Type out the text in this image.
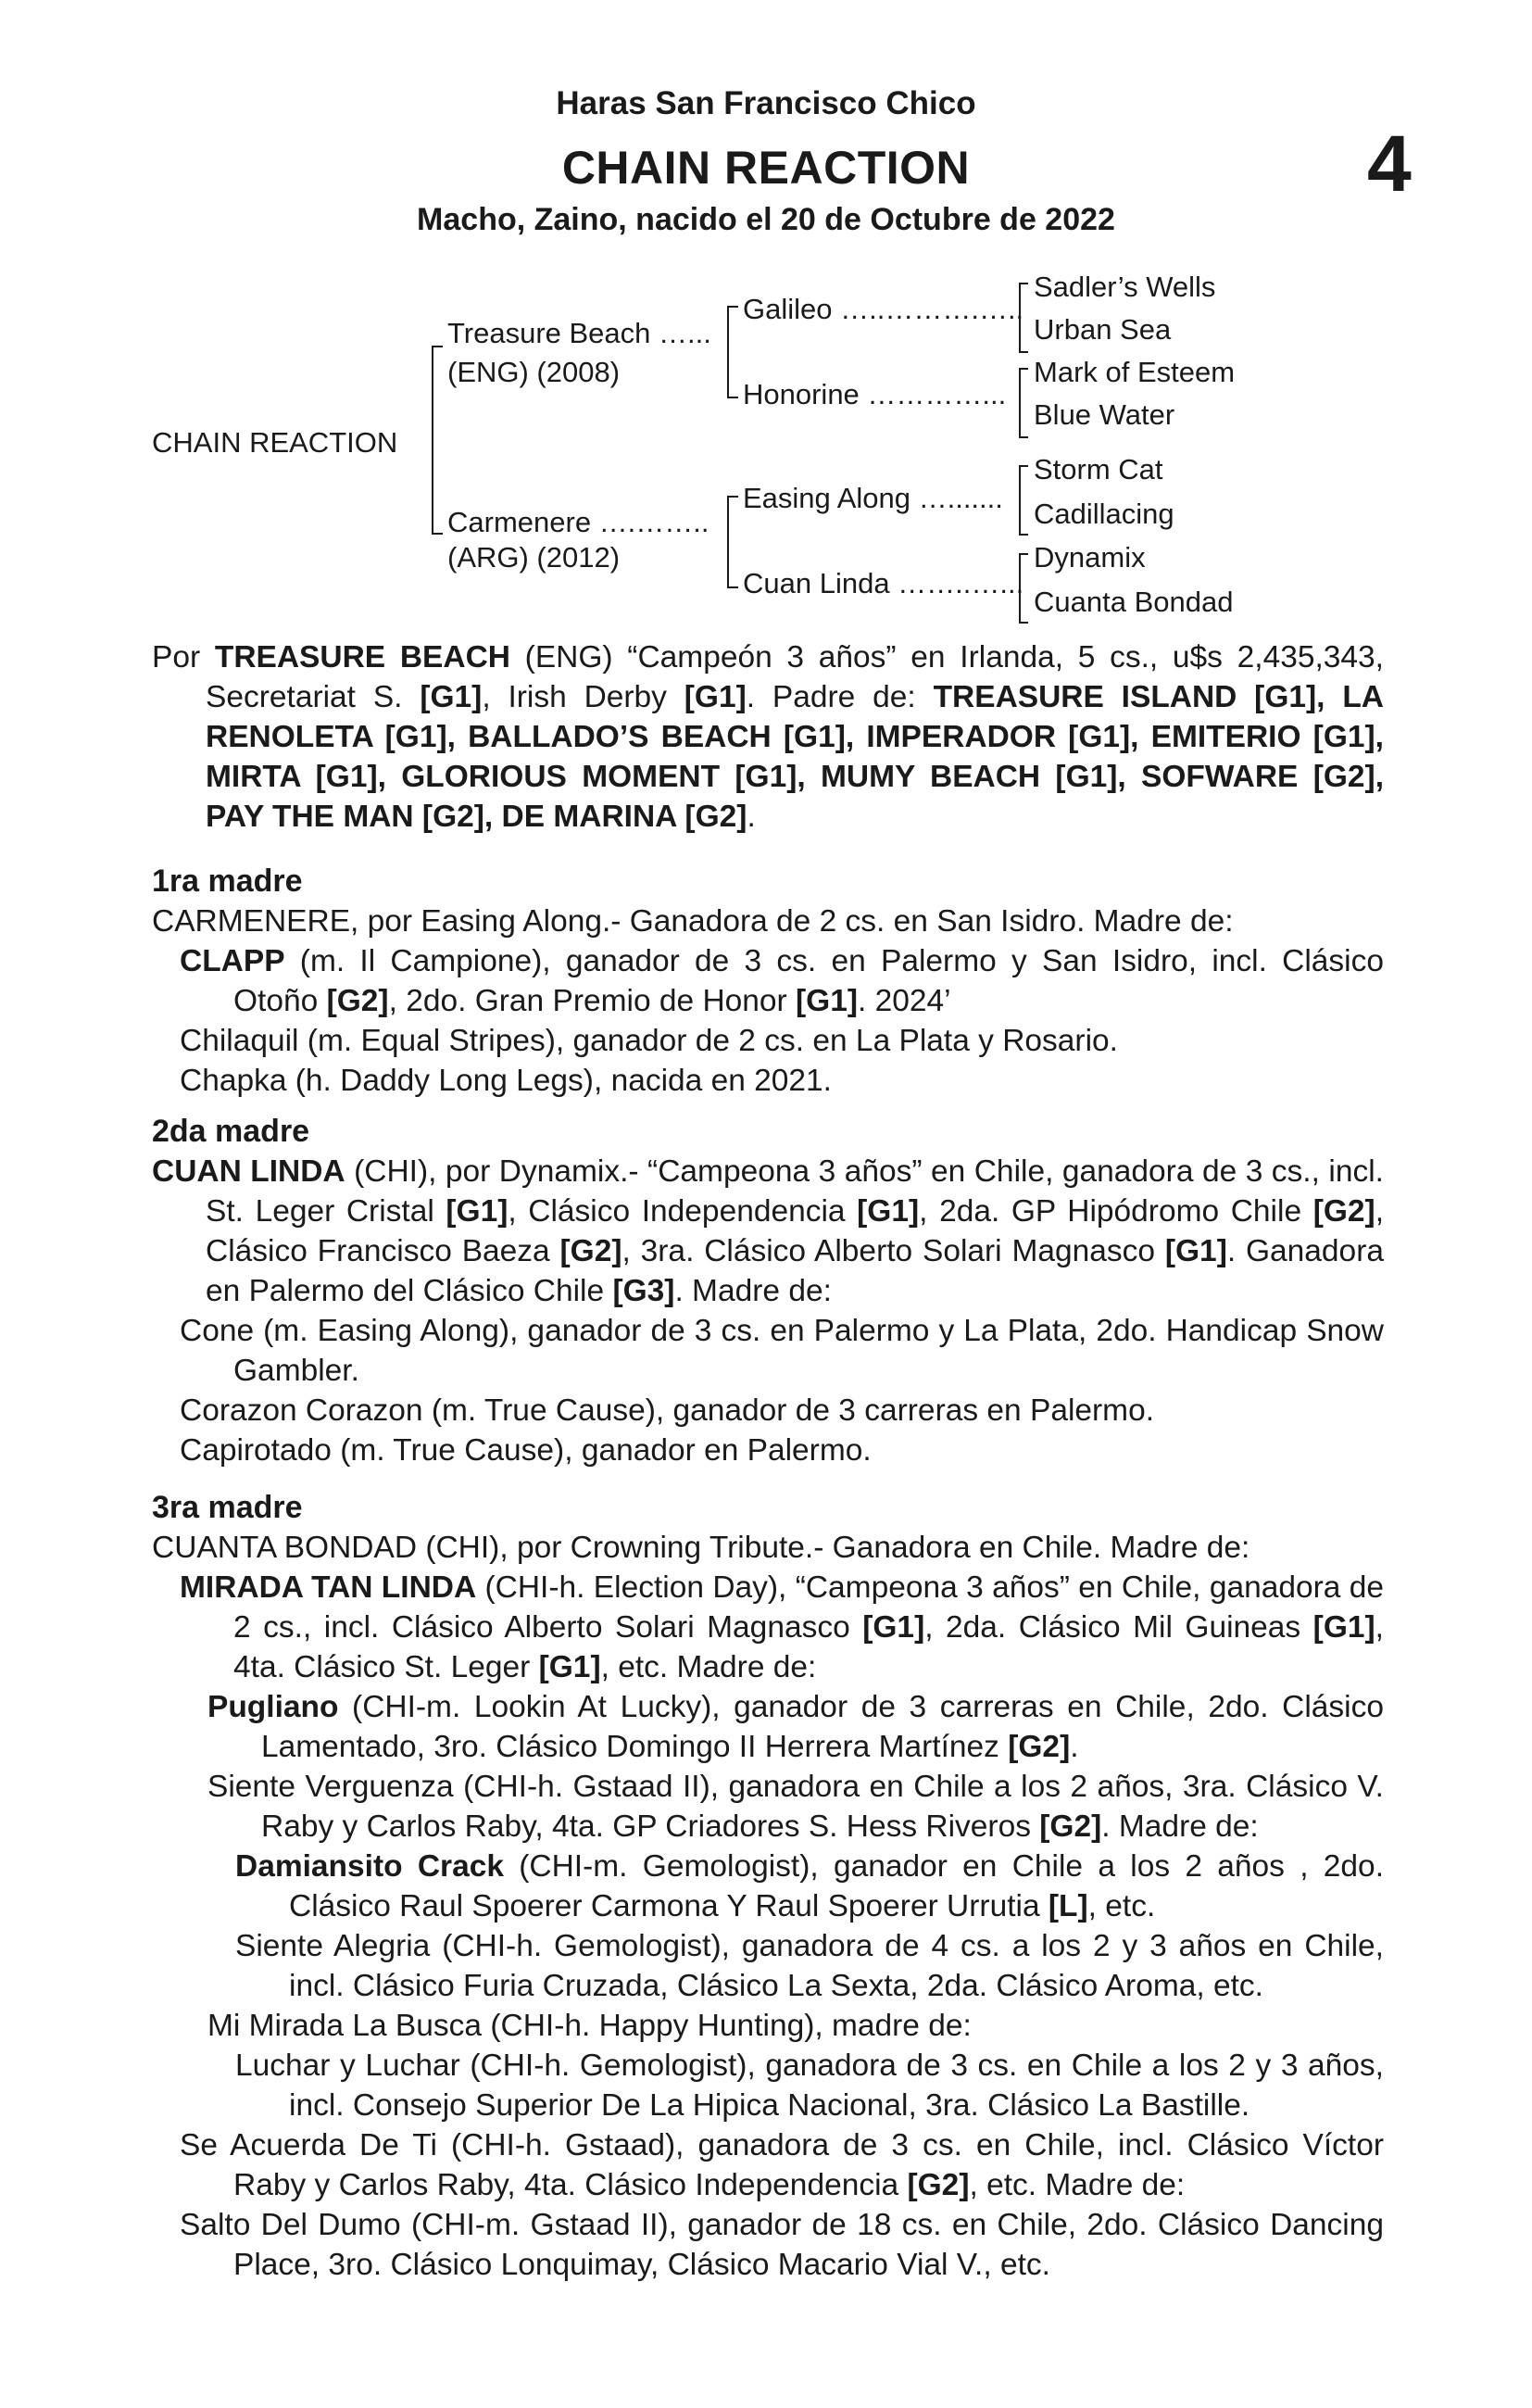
Haras San Francisco Chico
CHAIN REACTION	4
Macho, Zaino, nacido el 20 de Octubre de 2022
CHAIN REACTION
Treasure Beach …...
(ENG) (2008)
Carmenere ….……..
(ARG) (2012)
Galileo …..……….…..
Honorine …………...
Easing Along ….......
Cuan Linda ……..…...
Sadler’s Wells
Urban Sea
Mark of Esteem
Blue Water
Storm Cat
Cadillacing
Dynamix
Cuanta Bondad

Por TREASURE BEACH (ENG) “Campeón 3 años” en Irlanda, 5 cs., u$s 2,435,343, Secretariat S. [G1], Irish Derby [G1]. Padre de: TREASURE ISLAND [G1], LA RENOLETA [G1], BALLADO’S BEACH [G1], IMPERADOR [G1], EMITERIO [G1], MIRTA [G1], GLORIOUS MOMENT [G1], MUMY BEACH [G1], SOFWARE [G2], PAY THE MAN [G2], DE MARINA [G2].

1ra madre

CARMENERE, por Easing Along.- Ganadora de 2 cs. en San Isidro. Madre de:

CLAPP (m. Il Campione), ganador de 3 cs. en Palermo y San Isidro, incl. Clásico Otoño [G2], 2do. Gran Premio de Honor [G1]. 2024’

Chilaquil (m. Equal Stripes), ganador de 2 cs. en La Plata y Rosario.

Chapka (h. Daddy Long Legs), nacida en 2021.

2da madre

CUAN LINDA (CHI), por Dynamix.- “Campeona 3 años” en Chile, ganadora de 3 cs., incl. St. Leger Cristal [G1], Clásico Independencia [G1], 2da. GP Hipódromo Chile [G2], Clásico Francisco Baeza [G2], 3ra. Clásico Alberto Solari Magnasco [G1]. Ganadora en Palermo del Clásico Chile [G3]. Madre de:

Cone (m. Easing Along), ganador de 3 cs. en Palermo y La Plata, 2do. Handicap Snow Gambler.

Corazon Corazon (m. True Cause), ganador de 3 carreras en Palermo.

Capirotado (m. True Cause), ganador en Palermo.

3ra madre

CUANTA BONDAD (CHI), por Crowning Tribute.- Ganadora en Chile. Madre de:

MIRADA TAN LINDA (CHI-h. Election Day), “Campeona 3 años” en Chile, ganadora de 2 cs., incl. Clásico Alberto Solari Magnasco [G1], 2da. Clásico Mil Guineas [G1], 4ta. Clásico St. Leger [G1], etc. Madre de:

Pugliano (CHI-m. Lookin At Lucky), ganador de 3 carreras en Chile, 2do. Clásico Lamentado, 3ro. Clásico Domingo II Herrera Martínez [G2].

Siente Verguenza (CHI-h. Gstaad II), ganadora en Chile a los 2 años, 3ra. Clásico V. Raby y Carlos Raby, 4ta. GP Criadores S. Hess Riveros [G2]. Madre de:

Damiansito Crack (CHI-m. Gemologist), ganador en Chile a los 2 años , 2do. Clásico Raul Spoerer Carmona Y Raul Spoerer Urrutia [L], etc.

Siente Alegria (CHI-h. Gemologist), ganadora de 4 cs. a los 2 y 3 años en Chile, incl. Clásico Furia Cruzada, Clásico La Sexta, 2da. Clásico Aroma, etc.

Mi Mirada La Busca (CHI-h. Happy Hunting), madre de:

Luchar y Luchar (CHI-h. Gemologist), ganadora de 3 cs. en Chile a los 2 y 3 años, incl. Consejo Superior De La Hipica Nacional, 3ra. Clásico La Bastille.

Se Acuerda De Ti (CHI-h. Gstaad), ganadora de 3 cs. en Chile, incl. Clásico Víctor Raby y Carlos Raby, 4ta. Clásico Independencia [G2], etc. Madre de:

Salto Del Dumo (CHI-m. Gstaad II), ganador de 18 cs. en Chile, 2do. Clásico Dancing Place, 3ro. Clásico Lonquimay, Clásico Macario Vial V., etc.
